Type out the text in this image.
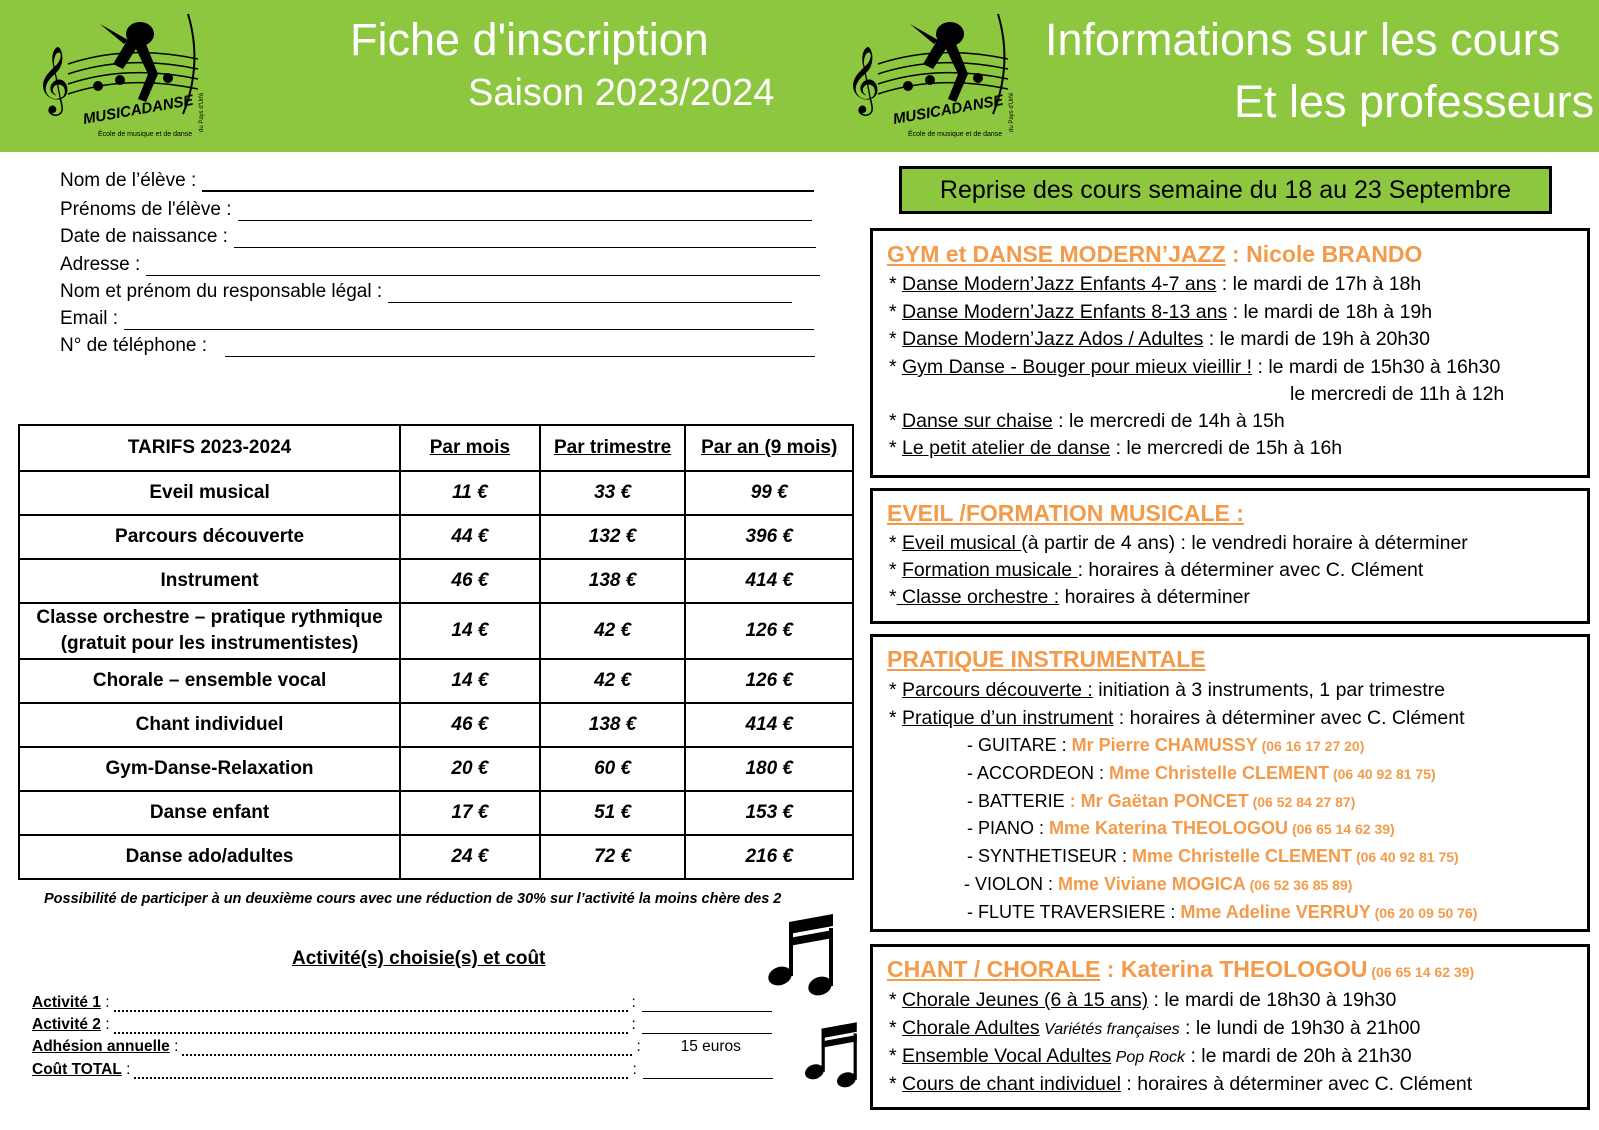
𝄞 MUSICADANSE
École de musique et de danse
du Pays d'Urfé	𝄞 MUSICADANSE
École de musique et de danse
du Pays d'Urfé
Fiche d'inscription
Saison 2023/2024
Informations sur les cours
Et les professeurs
Nom de l’élève :
Prénoms de l'élève :
Date de naissance :
Adresse :
Nom et prénom du responsable légal :
Email :
N° de téléphone :
TARIFS 2023-2024	Par mois	Par trimestre	Par an (9 mois)
Eveil musical	11 €	33 €	99 €
Parcours découverte	44 €	132 €	396 €
Instrument	46 €	138 €	414 €

Classe orchestre – pratique rythmique
(gratuit pour les instrumentistes)	14 €	42 €	126 €
Chorale – ensemble vocal	14 €	42 €	126 €
Chant individuel	46 €	138 €	414 €
Gym-Danse-Relaxation	20 €	60 €	180 €
Danse enfant	17 €	51 €	153 €
Danse ado/adultes	24 €	72 €	216 €
Possibilité de participer à un deuxième cours avec une réduction de 30% sur l’activité la moins chère des 2
Activité(s) choisie(s) et coût
Activité 1 :	:
Activité 2 :	:
Adhésion annuelle :	:	15 euros
Coût TOTAL :	:
Reprise des cours semaine du 18 au 23 Septembre
GYM et DANSE MODERN’JAZZ : Nicole BRANDO
* Danse Modern’Jazz Enfants 4-7 ans : le mardi de 17h à 18h
* Danse Modern’Jazz Enfants 8-13 ans : le mardi de 18h à 19h
* Danse Modern’Jazz Ados / Adultes : le mardi de 19h à 20h30
* Gym Danse - Bouger pour mieux vieillir ! : le mardi de 15h30 à 16h30
le mercredi de 11h à 12h
* Danse sur chaise : le mercredi de 14h à 15h
* Le petit atelier de danse : le mercredi de 15h à 16h
EVEIL /FORMATION MUSICALE :
* Eveil musical (à partir de 4 ans) : le vendredi horaire à déterminer
* Formation musicale : horaires à déterminer avec C. Clément
* Classe orchestre : horaires à déterminer
PRATIQUE INSTRUMENTALE
* Parcours découverte : initiation à 3 instruments, 1 par trimestre
* Pratique d’un instrument : horaires à déterminer avec C. Clément
- GUITARE : Mr Pierre CHAMUSSY (06 16 17 27 20)
- ACCORDEON : Mme Christelle CLEMENT (06 40 92 81 75)
- BATTERIE : Mr Gaëtan PONCET (06 52 84 27 87)
- PIANO : Mme Katerina THEOLOGOU (06 65 14 62 39)
- SYNTHETISEUR : Mme Christelle CLEMENT (06 40 92 81 75)
- VIOLON : Mme Viviane MOGICA (06 52 36 85 89)
- FLUTE TRAVERSIERE : Mme Adeline VERRUY (06 20 09 50 76)
CHANT / CHORALE : Katerina THEOLOGOU (06 65 14 62 39)
* Chorale Jeunes (6 à 15 ans) : le mardi de 18h30 à 19h30
* Chorale Adultes Variétés françaises : le lundi de 19h30 à 21h00
* Ensemble Vocal Adultes Pop Rock : le mardi de 20h à 21h30
* Cours de chant individuel : horaires à déterminer avec C. Clément
